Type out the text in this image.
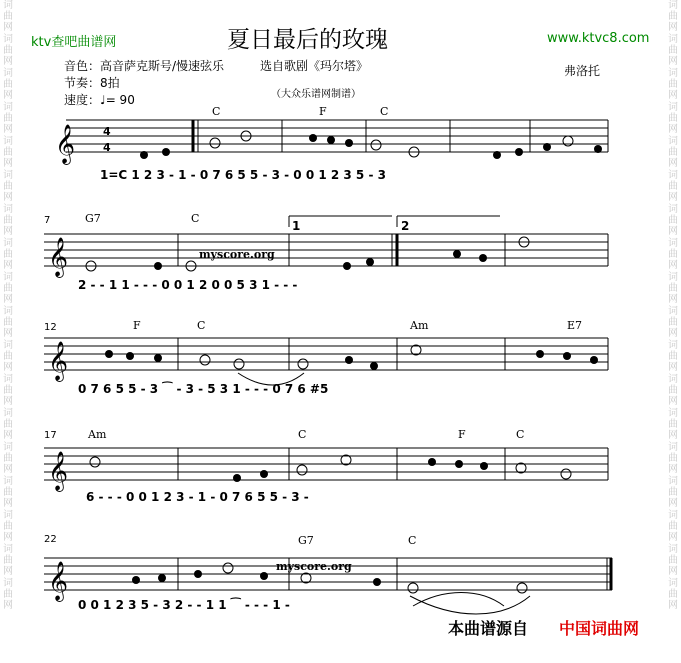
词曲网
词曲网
词曲网
词曲网
词曲网
词曲网
词曲网
词曲网
词曲网
词曲网
词曲网
词曲网
词曲网
词曲网
词曲网
词曲网
词曲网
词曲网
词曲网
词曲网
词曲网
词曲网
词曲网
词曲网
词曲网
词曲网
词曲网
词曲网
词曲网
词曲网
词曲网
词曲网
词曲网
词曲网
词曲网
词曲网
ktv查吧曲谱网	夏日最后的玫瑰	www.ktvc8.com
音色：高音萨克斯号/慢速弦乐
节奏：8拍
速度：♩= 90
选自歌剧《玛尔塔》
（大众乐谱网制谱）
弗洛托
𝄞
𝄞
𝄞
𝄞
𝄞
4
4
C	F	C
G7	C
F	C	Am	E7
Am	C	F	C
G7	C
7
12
17
22
myscore.org
myscore.org
1	2
1=C 1 2 3 - 1 - 0 7 6 5 5 - 3 - 0 0 1 2 3 5 - 3
2 - - 1 1 - - - 0 0 1 2 0 0 5 3 1 - - -
0 7 6 5 5 - 3 ⁀ - 3 - 5 3 1 - - - 0 7 6 #5
6 - - - 0 0 1 2 3 - 1 - 0 7 6 5 5 - 3 -
0 0 1 2 3 5 - 3 2 - - 1 1 ⁀ - - - 1 -
本曲谱源自 中国词曲网
